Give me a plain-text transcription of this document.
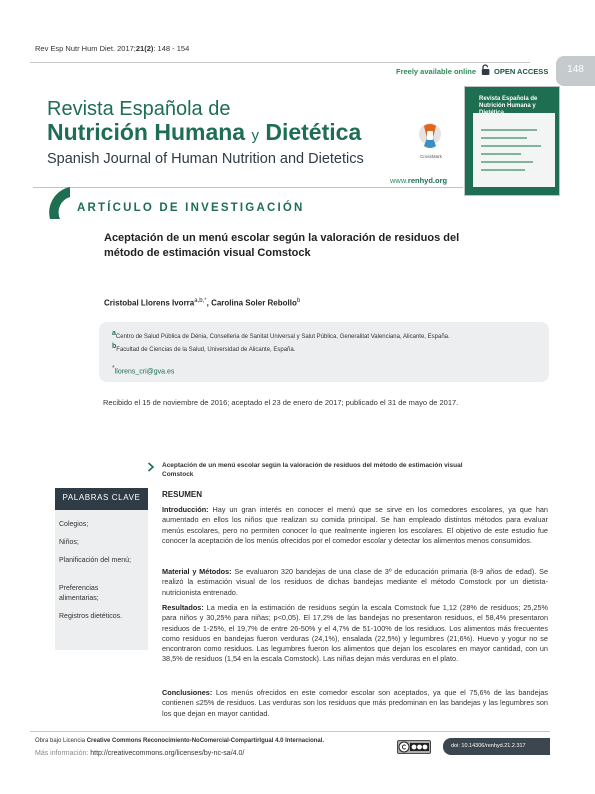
Rev Esp Nutr Hum Diet. 2017;21(2): 148 - 154
Freely available online OPEN ACCESS	148
Revista Española de
Nutrición Humana y Dietética
Spanish Journal of Human Nutrition and Dietetics	CrossMark
Revista Española de Nutrición Humana y
www.renhyd.org
ARTÍCULO DE INVESTIGACIÓN
Aceptación de un menú escolar según la valoración de residuos del método de estimación visual Comstock
Cristobal Llorens Ivorra$^{a,b,*}$, Carolina Soler Rebollo$^b$
$^a$Centro de Salud Pública de Dénia, Conselleria de Sanitat Universal y Salut Pública, Generalitat Valenciana, Alicante, España.
$^b$Facultad de Ciencias de la Salud, Universidad de Alicante, España.
*llorens_cri@gva.es
Recibido el 15 de noviembre de 2016; aceptado el 23 de enero de 2017; publicado el 31 de mayo de 2017.
Aceptación de un menú escolar según la valoración de residuos del método de estimación visual Comstock
PALABRAS CLAVE
Colegios;
Niños;
Planificación del menú;
Preferencias alimentarias;
Registros dietéticos.
RESUMEN
Introducción: Hay un gran interés en conocer el menú que se sirve en los comedores escolares, ya que han aumentado en ellos los niños que realizan su comida principal. Se han empleado distintos métodos para evaluar menús escolares, pero no permiten conocer lo que realmente ingieren los escolares. El objetivo de este estudio fue conocer la aceptación de los menús ofrecidos por el comedor escolar y detectar los alimentos menos consumidos.
Material y Métodos: Se evaluaron 320 bandejas de una clase de 3º de educación primaria (8-9 años de edad). Se realizó la estimación visual de los residuos de dichas bandejas mediante el método Comstock por un dietista-nutricionista entrenado.
Resultados: La media en la estimación de residuos según la escala Comstock fue 1,12 (28% de residuos; 25,25% para niños y 30,25% para niñas; p<0,05). El 17,2% de las bandejas no presentaron residuos, el 58,4% presentaron residuos de 1-25%, el 19,7% de entre 26-50% y el 4,7% de 51-100% de los residuos. Los alimentos más frecuentes como residuos en bandejas fueron verduras (24,1%), ensalada (22,5%) y legumbres (21,6%). Huevo y yogur no se encontraron como residuos. Las legumbres fueron los alimentos que dejan los escolares en mayor cantidad, con un 38,5% de residuos (1,54 en la escala Comstock). Las niñas dejan más verduras en el plato.
Conclusiones: Los menús ofrecidos en este comedor escolar son aceptados, ya que el 75,6% de las bandejas contienen ≤25% de residuos. Las verduras son los residuos que más predominan en las bandejas y las legumbres son los que dejan en mayor cantidad.
Obra bajo Licencia Creative Commons Reconocimiento-NoComercial-CompartirIgual 4.0 Internacional.
Más información: http://creativecommons.org/licenses/by-nc-sa/4.0/
doi: 10.14306/renhyd.21.2.317
